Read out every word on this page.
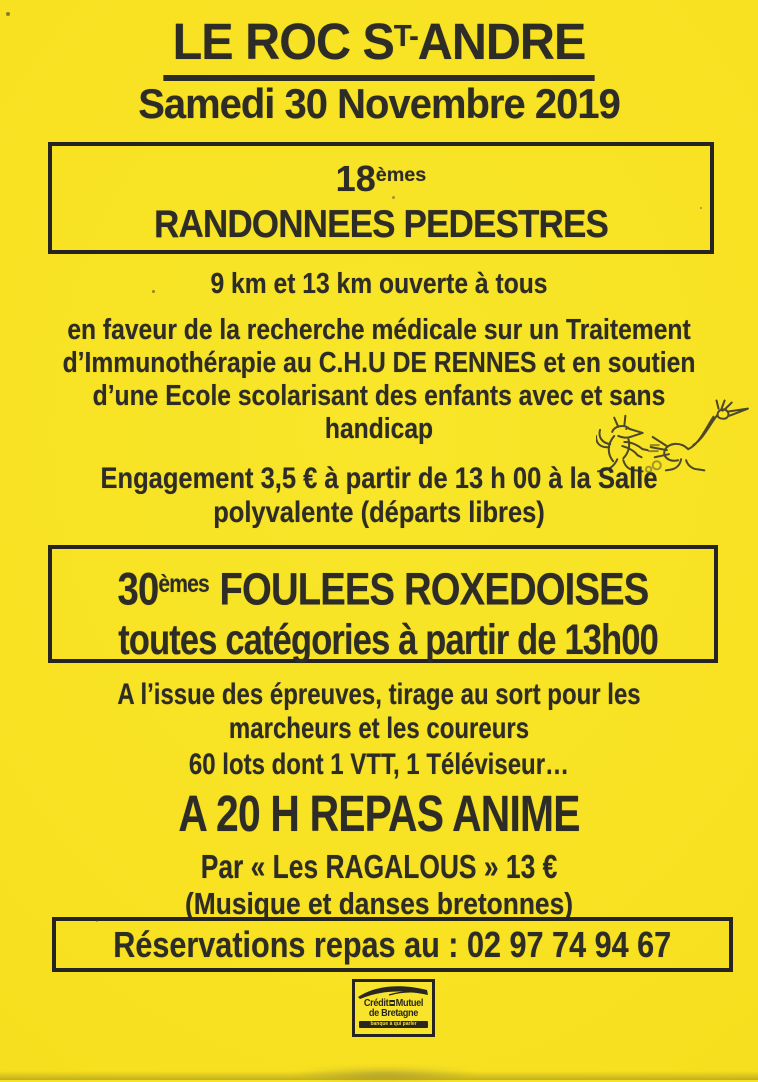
LE ROC $S^{T-}ANDRE$
Samedi 30 Novembre 2019
18èmes
RANDONNEES PEDESTRES
9 km et 13 km ouverte à tous
en faveur de la recherche médicale sur un Traitement
d’Immunothérapie au C.H.U DE RENNES et en soutien
d’une Ecole scolarisant des enfants avec et sans
handicap
Engagement 3,5 € à partir de 13 h 00 à la Salle
polyvalente (départs libres)
30èmes FOULEES ROXEDOISES
toutes catégories à partir de 13h00
A l’issue des épreuves, tirage au sort pour les
marcheurs et les coureurs
60 lots dont 1 VTT, 1 Téléviseur…
A 20 H REPAS ANIME
Par « Les RAGALOUS » 13 €
(Musique et danses bretonnes)
Réservations repas au : 02 97 74 94 67
Crédit Mutuel
de Bretagne
banque à qui parler
